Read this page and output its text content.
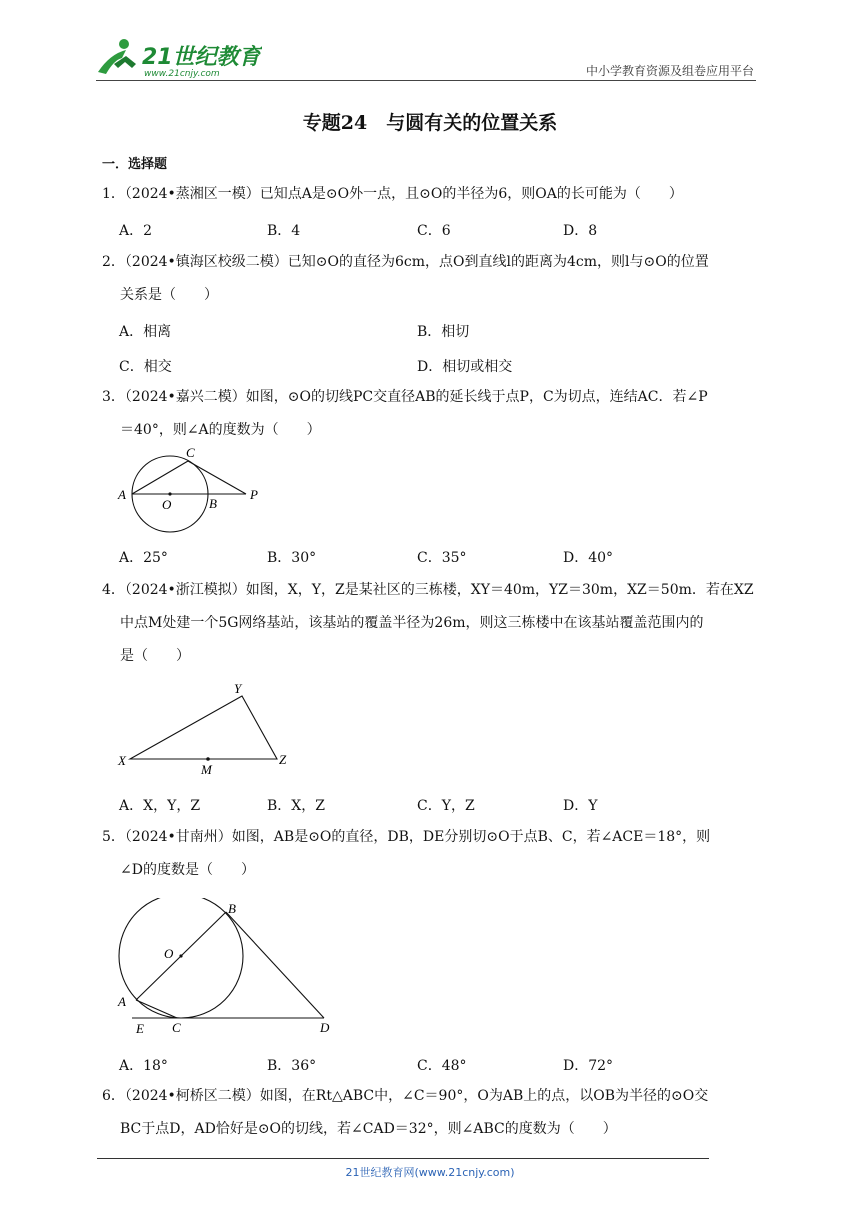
21世纪教育
www.21cnjy.com	中小学教育资源及组卷应用平台
专题24　与圆有关的位置关系
一．选择题
1．（2024•蒸湘区一模）已知点A是⊙O外一点，且⊙O的半径为6，则OA的长可能为（　　）
A．2	B．4	C．6	D．8
2．（2024•镇海区校级二模）已知⊙O的直径为6cm，点O到直线l的距离为4cm，则l与⊙O的位置
关系是（　　）
A．相离	B．相切
C．相交	D．相切或相交
3．（2024•嘉兴二模）如图，⊙O的切线PC交直径AB的延长线于点P，C为切点，连结AC．若∠P
＝40°，则∠A的度数为（　　）
C
A
O	B
P
A．25°	B．30°	C．35°	D．40°
4．（2024•浙江模拟）如图，X，Y，Z是某社区的三栋楼，XY＝40m，YZ＝30m，XZ＝50m．若在XZ
中点M处建一个5G网络基站，该基站的覆盖半径为26m，则这三栋楼中在该基站覆盖范围内的
是（　　）
Y
X
M
Z
A．X，Y，Z	B．X，Z	C．Y，Z	D．Y
5．（2024•甘南州）如图，AB是⊙O的直径，DB，DE分别切⊙O于点B、C，若∠ACE＝18°，则
∠D的度数是（　　）
B
O
A
E C	D
A．18°	B．36°	C．48°	D．72°
6．（2024•柯桥区二模）如图，在Rt△ABC中，∠C＝90°，O为AB上的点，以OB为半径的⊙O交
BC于点D，AD恰好是⊙O的切线，若∠CAD＝32°，则∠ABC的度数为（　　）
21世纪教育网(www.21cnjy.com)
